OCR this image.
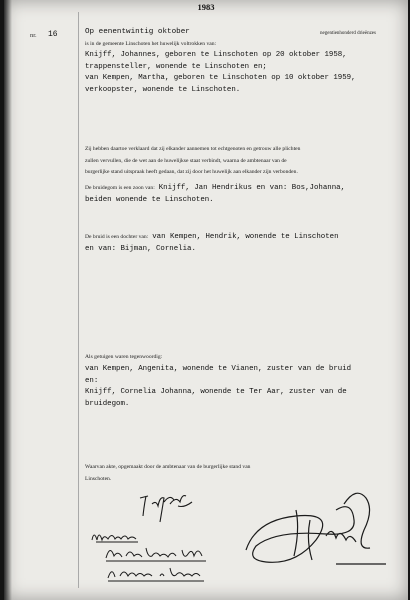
1983
nr. 16	Op eenentwintig oktober	negentienhonderd drieënzes
is in de gemeente Linschoten het huwelijk voltrokken van:
Knijff, Johannes, geboren te Linschoten op 20 oktober 1958,
trappensteller, wonende te Linschoten en;
van Kempen, Martha, geboren te Linschoten op 10 oktober 1959,
verkoopster, wonende te Linschoten.
Zij hebben daartoe verklaard dat zij elkander aannemen tot echtgenoten en getrouw alle plichten
zullen vervullen, die de wet aan de huwelijkse staat verbindt, waarna de ambtenaar van de
burgerlijke stand uitspraak heeft gedaan, dat zij door het huwelijk aan elkander zijn verbonden.
De bruidegom is een zoon van: Knijff, Jan Hendrikus en van: Bos,Johanna,
beiden wonende te Linschoten.
De bruid is een dochter van: van Kempen, Hendrik, wonende te Linschoten
en van: Bijman, Cornelia.
Als getuigen waren tegenwoordig:
van Kempen, Angenita, wonende te Vianen, zuster van de bruid
en:
Knijff, Cornelia Johanna, wonende te Ter Aar, zuster van de
bruidegom.
Waarvan akte, opgemaakt door de ambtenaar van de burgerlijke stand van
Linschoten.
